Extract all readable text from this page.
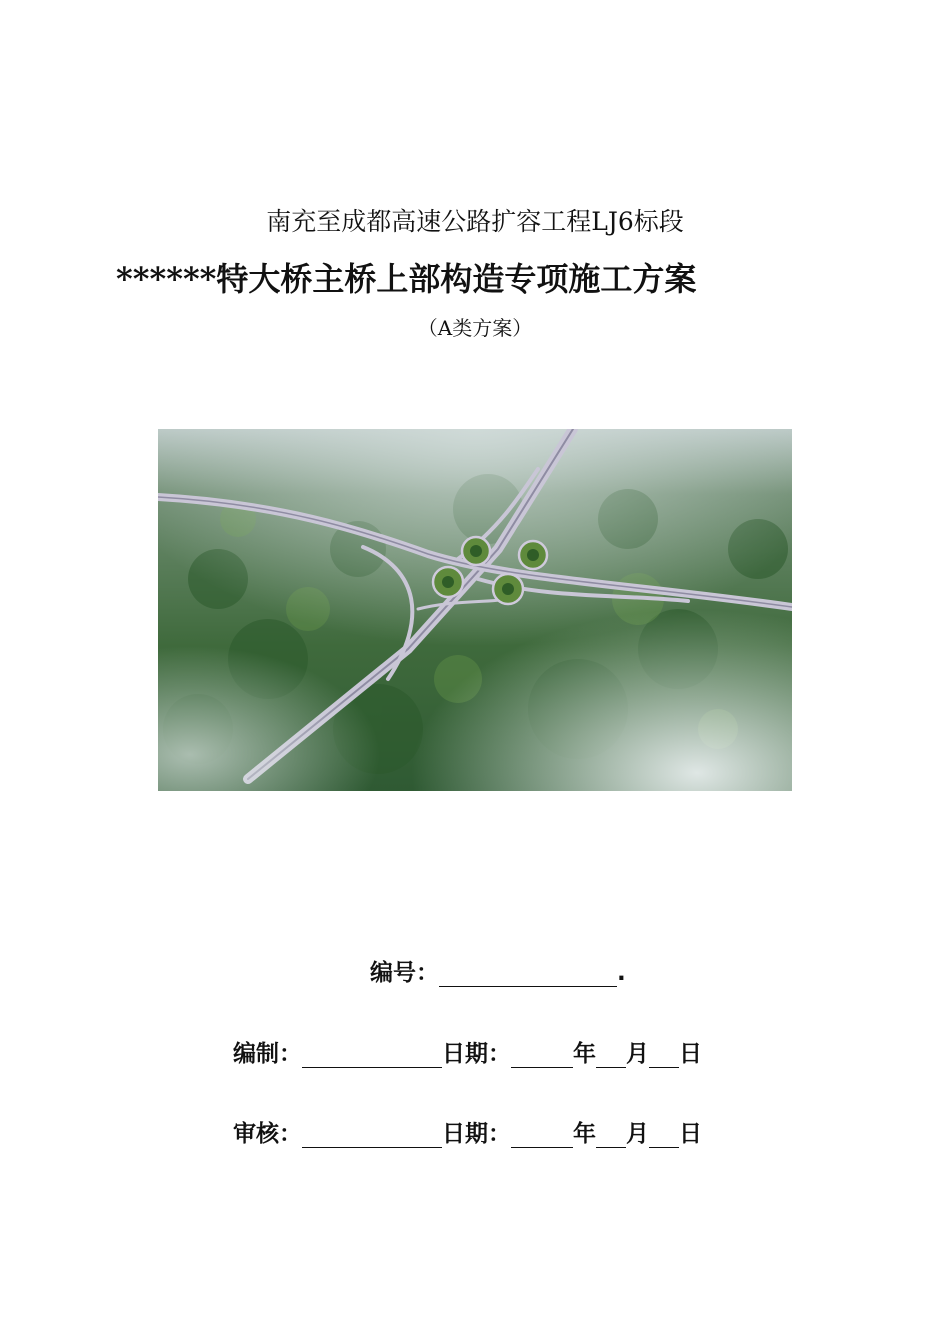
南充至成都高速公路扩容工程LJ6标段
******特大桥主桥上部构造专项施工方案
（A类方案）
编号：	.
编制：	日期：	年 月 日
审核：	日期：	年 月 日
